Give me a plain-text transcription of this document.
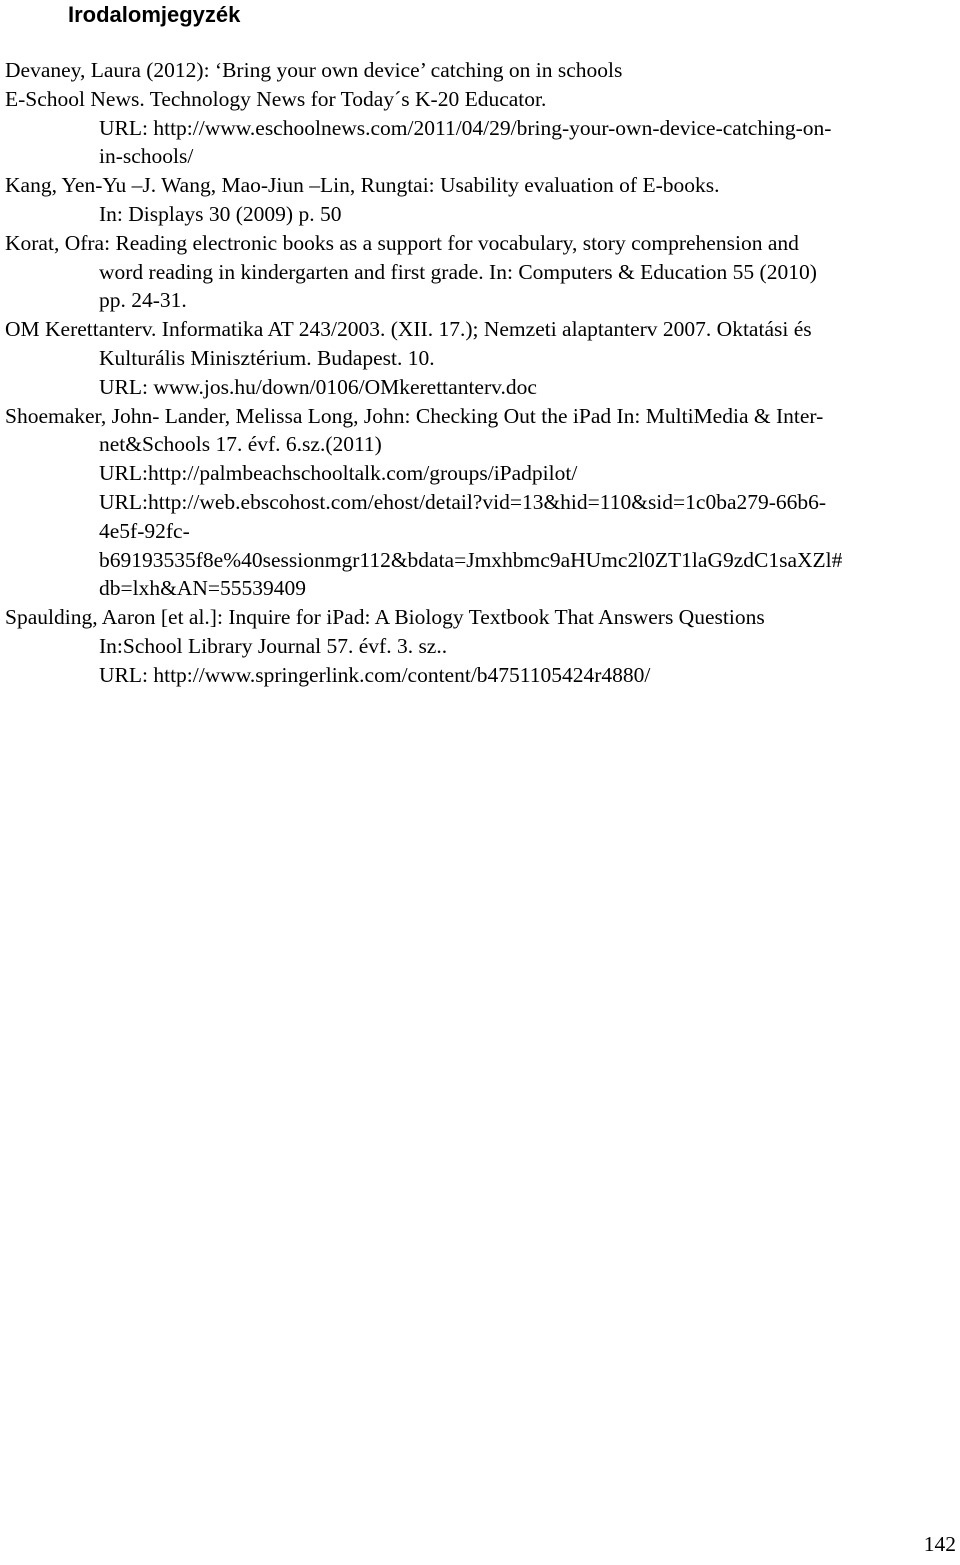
Irodalomjegyzék
Devaney, Laura (2012): ‘Bring your own device’ catching on in schools
E-School News. Technology News for Today´s K-20 Educator.
URL: http://www.eschoolnews.com/2011/04/29/bring-your-own-device-catching-on-
in-schools/
Kang, Yen-Yu –J. Wang, Mao-Jiun –Lin, Rungtai: Usability evaluation of E-books.
In: Displays 30 (2009) p. 50
Korat, Ofra: Reading electronic books as a support for vocabulary, story comprehension and
word reading in kindergarten and first grade. In: Computers & Education 55 (2010)
pp. 24-31.
OM Kerettanterv. Informatika AT 243/2003. (XII. 17.); Nemzeti alaptanterv 2007. Oktatási és
Kulturális Minisztérium. Budapest. 10.
URL: www.jos.hu/down/0106/OMkerettanterv.doc
Shoemaker, John- Lander, Melissa Long, John: Checking Out the iPad In: MultiMedia & Inter-
net&Schools 17. évf. 6.sz.(2011)
URL:http://palmbeachschooltalk.com/groups/iPadpilot/
URL:http://web.ebscohost.com/ehost/detail?vid=13&hid=110&sid=1c0ba279-66b6-
4e5f-92fc-
b69193535f8e%40sessionmgr112&bdata=Jmxhbmc9aHUmc2l0ZT1laG9zdC1saXZl#
db=lxh&AN=55539409
Spaulding, Aaron [et al.]: Inquire for iPad: A Biology Textbook That Answers Questions
In:School Library Journal 57. évf. 3. sz..
URL: http://www.springerlink.com/content/b4751105424r4880/
142
